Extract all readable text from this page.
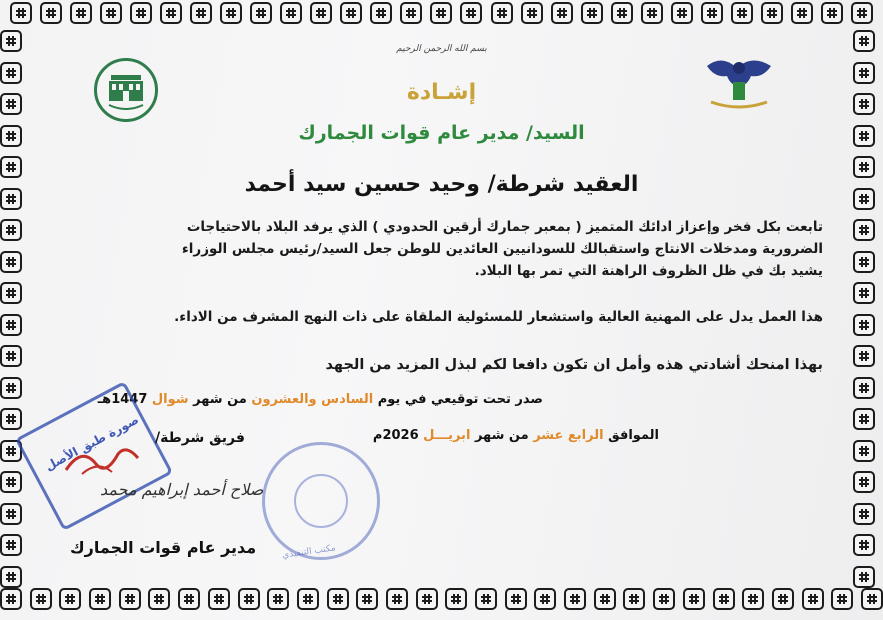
بسم الله الرحمن الرحيم
إشـادة
السيد/ مدير عام قوات الجمارك
العقيد شرطة/ وحيد حسين سيد أحمد
تابعت بكل فخر وإعزاز ادائك المتميز ( بمعبر جمارك أرقين الحدودي ) الذي يرفد البلاد بالاحتياجات
الضرورية ومدخلات الانتاج واستقبالك للسودانيين العائدين للوطن جعل السيد/رئيس مجلس الوزراء
يشيد بك في ظل الظروف الراهنة التي تمر بها البلاد.
هذا العمل يدل على المهنية العالية واستشعار للمسئولية الملقاة على ذات النهج المشرف من الاداء.
بهذا امنحك أشادتي هذه وأمل ان تكون دافعا لكم لبذل المزيد من الجهد
صدر تحت توقيعي في يوم السادس والعشرون من شهر شوال 1447هـ
الموافق الرابع عشر من شهر ابريـــل 2026م
مكتب التنفيذي
صورة طبق الأصل فريق شرطة/
صلاح أحمد إبراهيم محمد
مدير عام قوات الجمارك
